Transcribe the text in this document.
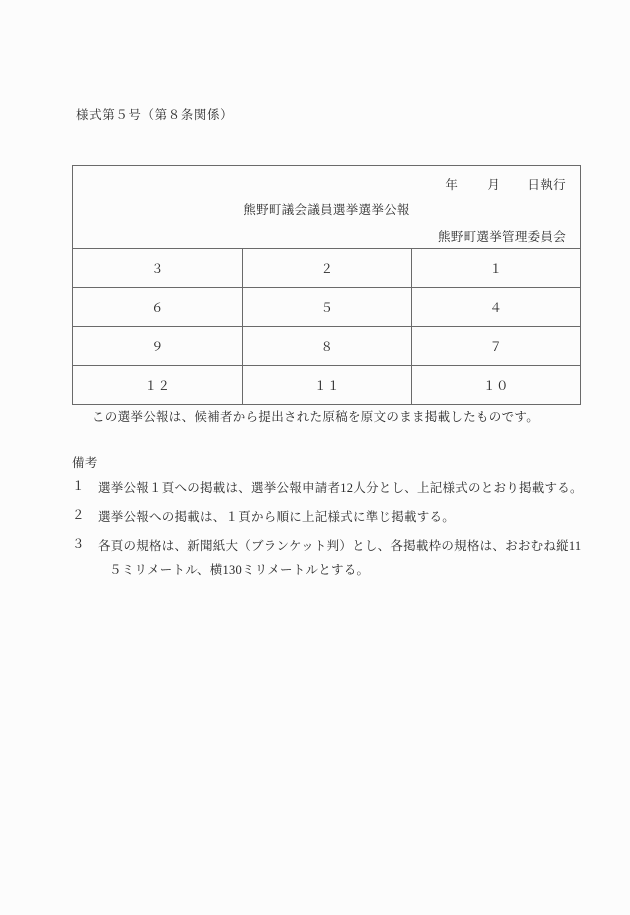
様式第５号（第８条関係）
年 月 日執行
熊野町議会議員選挙選挙公報
熊野町選挙管理委員会		

３	２	１
６	５	４
９	８	７
１２	１１	１０
この選挙公報は、候補者から提出された原稿を原文のまま掲載したものです。
備考
１	選挙公報１頁への掲載は、選挙公報申請者12人分とし、上記様式のとおり掲載する。
２	選挙公報への掲載は、１頁から順に上記様式に準じ掲載する。
３	各頁の規格は、新聞紙大（ブランケット判）とし、各掲載枠の規格は、おおむね縦11
５ミリメートル、横130ミリメートルとする。
